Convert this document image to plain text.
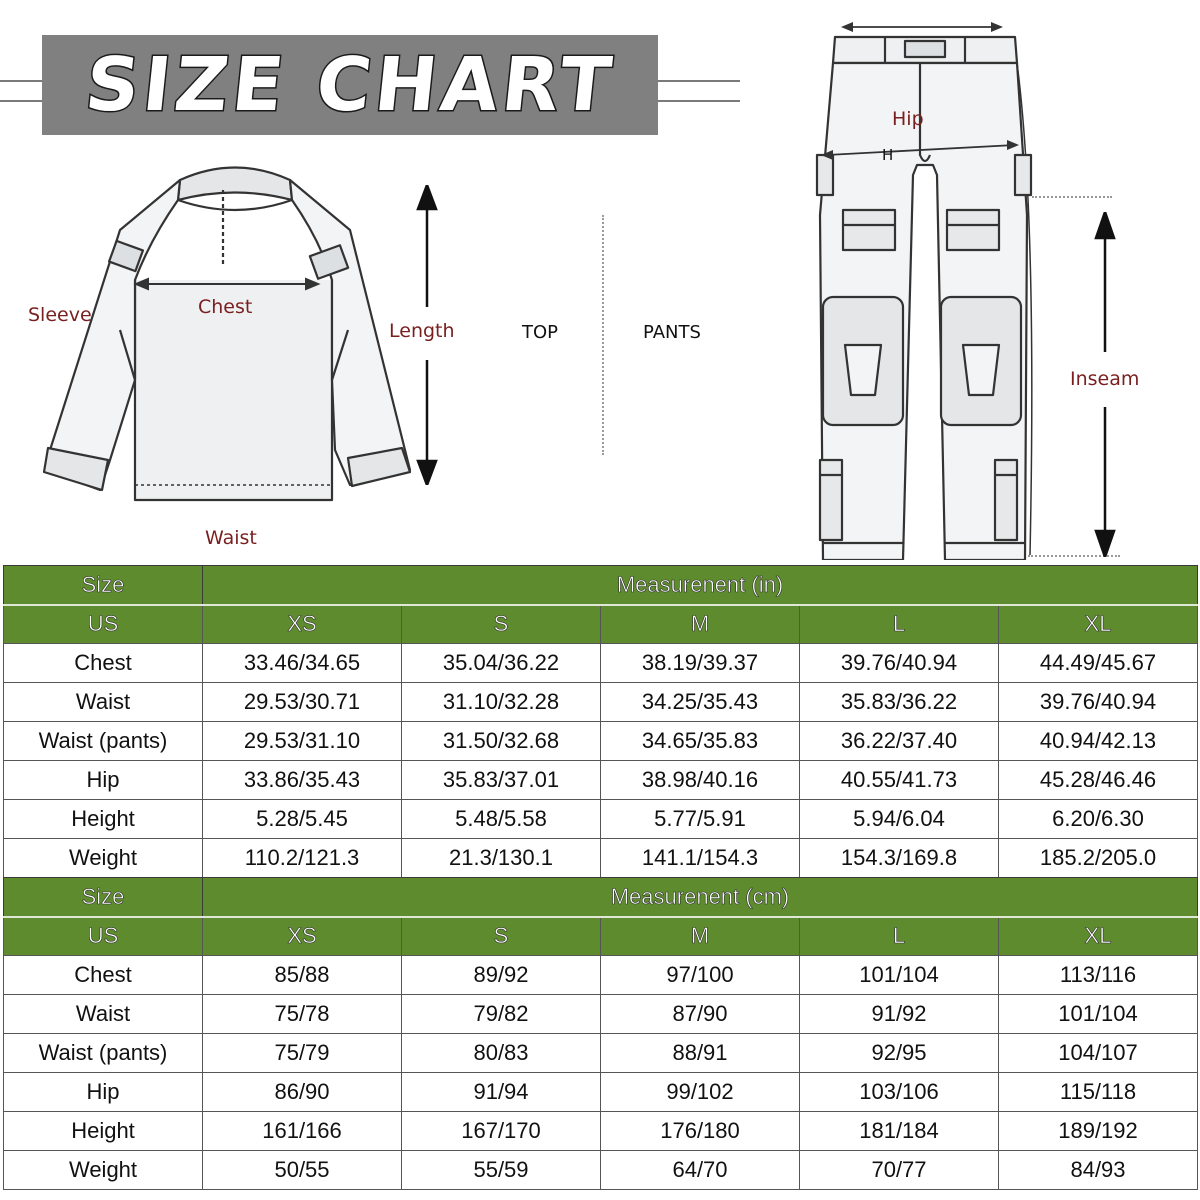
SIZE CHART
Sleeve	Chest
Waist
Length	TOP	PANTS
Hip
H
Inseam
Size	Measurenent (in)				
US	XS	S	M	L	XL
Chest	33.46/34.65	35.04/36.22	38.19/39.37	39.76/40.94	44.49/45.67
Waist	29.53/30.71	31.10/32.28	34.25/35.43	35.83/36.22	39.76/40.94
Waist (pants)	29.53/31.10	31.50/32.68	34.65/35.83	36.22/37.40	40.94/42.13
Hip	33.86/35.43	35.83/37.01	38.98/40.16	40.55/41.73	45.28/46.46
Height	5.28/5.45	5.48/5.58	5.77/5.91	5.94/6.04	6.20/6.30
Weight	110.2/121.3	21.3/130.1	141.1/154.3	154.3/169.8	185.2/205.0
Size	Measurenent (cm)				
US	XS	S	M	L	XL
Chest	85/88	89/92	97/100	101/104	113/116
Waist	75/78	79/82	87/90	91/92	101/104
Waist (pants)	75/79	80/83	88/91	92/95	104/107
Hip	86/90	91/94	99/102	103/106	115/118
Height	161/166	167/170	176/180	181/184	189/192
Weight	50/55	55/59	64/70	70/77	84/93
